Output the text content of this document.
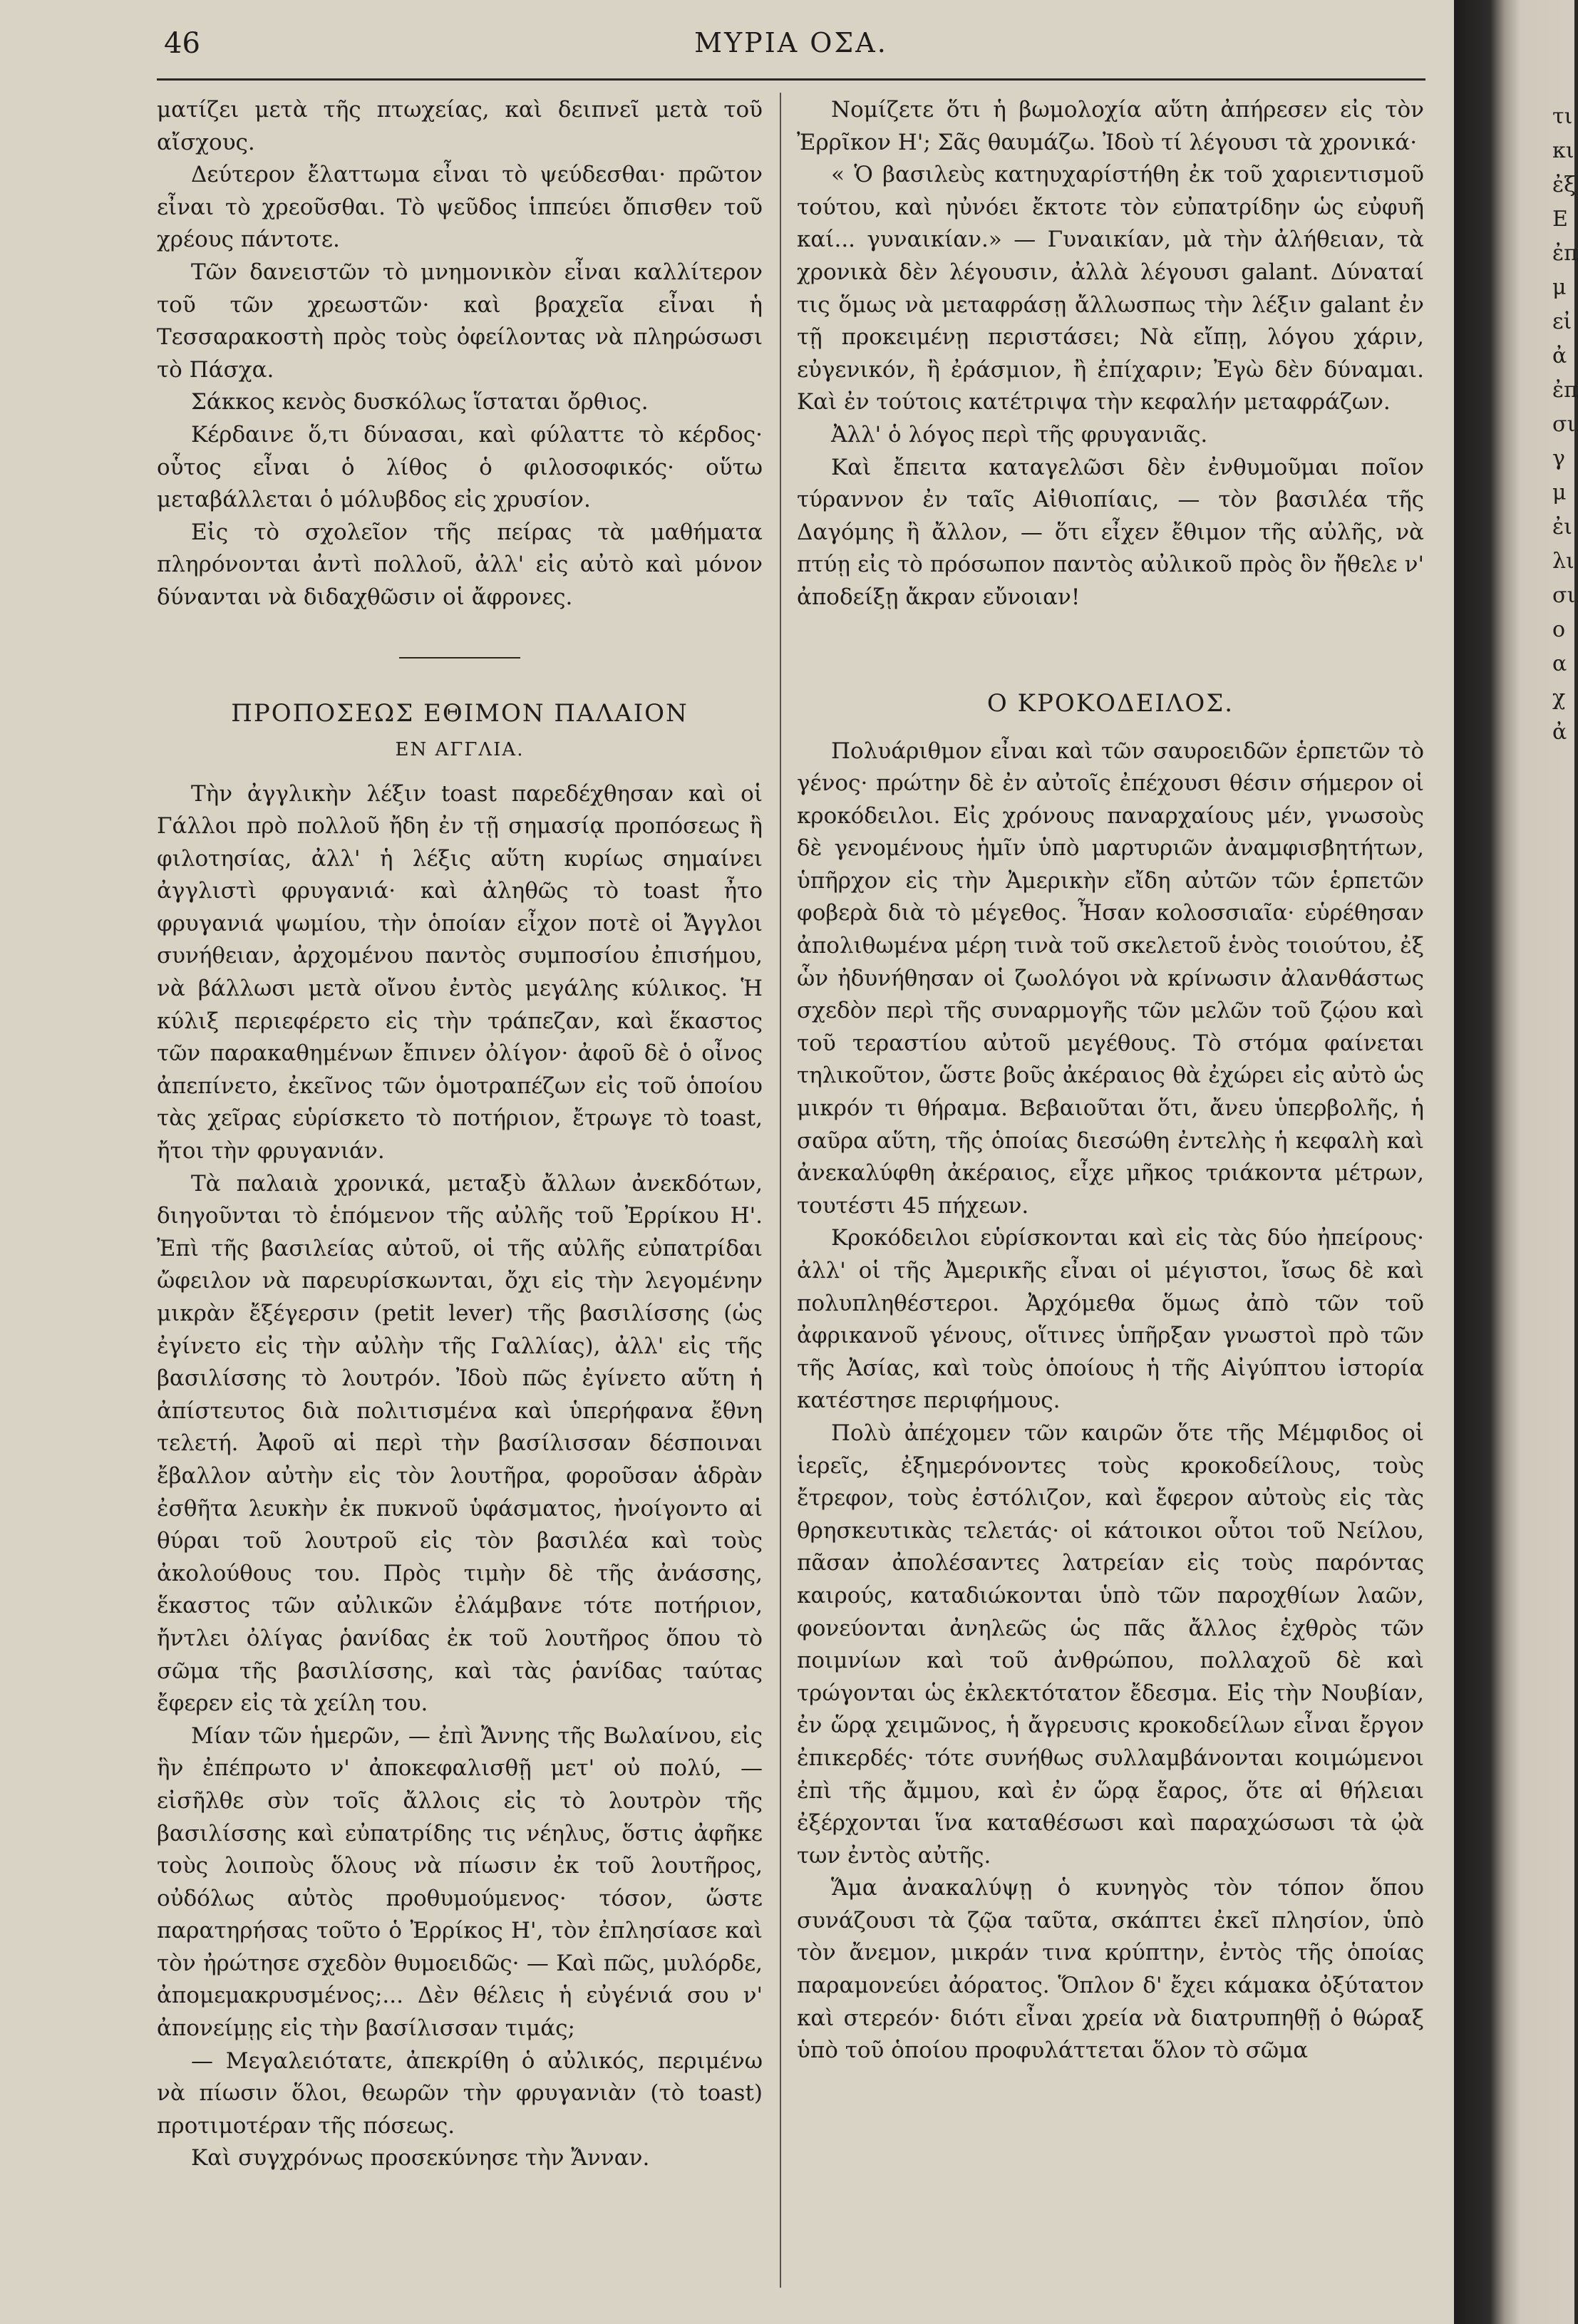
46	ΜΥΡΙΑ ΟΣΑ.

ματίζει μετὰ τῆς πτωχείας, καὶ δειπνεῖ μετὰ τοῦ αἴσχους.

Δεύτερον ἔλαττωμα εἶναι τὸ ψεύδεσθαι· πρῶτον εἶναι τὸ χρεοῦσθαι. Τὸ ψεῦδος ἱππεύει ὄπισθεν τοῦ χρέους πάντοτε.

Τῶν δανειστῶν τὸ μνημονικὸν εἶναι καλλίτερον τοῦ τῶν χρεωστῶν· καὶ βραχεῖα εἶναι ἡ Τεσσαρακοστὴ πρὸς τοὺς ὀφείλοντας νὰ πληρώσωσι τὸ Πάσχα.

Σάκκος κενὸς δυσκόλως ἵσταται ὄρθιος.

Κέρδαινε ὅ,τι δύνασαι, καὶ φύλαττε τὸ κέρδος· οὗτος εἶναι ὁ λίθος ὁ φιλοσοφικός· οὕτω μεταβάλλεται ὁ μόλυβδος εἰς χρυσίον.

Εἰς τὸ σχολεῖον τῆς πείρας τὰ μαθήματα πληρόνονται ἀντὶ πολλοῦ, ἀλλ' εἰς αὐτὸ καὶ μόνον δύνανται νὰ διδαχθῶσιν οἱ ἄφρονες.

ΠΡΟΠΟΣΕΩΣ ΕΘΙΜΟΝ ΠΑΛΑΙΟΝ
ΕΝ ΑΓΓΛΙΑ.

Τὴν ἀγγλικὴν λέξιν toast παρεδέχθησαν καὶ οἱ Γάλλοι πρὸ πολλοῦ ἤδη ἐν τῇ σημασίᾳ προπόσεως ἢ φιλοτησίας, ἀλλ' ἡ λέξις αὕτη κυρίως σημαίνει ἀγγλιστὶ φρυγανιά· καὶ ἀληθῶς τὸ toast ἦτο φρυγανιά ψωμίου, τὴν ὁποίαν εἶχον ποτὲ οἱ Ἄγγλοι συνήθειαν, ἀρχομένου παντὸς συμποσίου ἐπισήμου, νὰ βάλλωσι μετὰ οἴνου ἐντὸς μεγάλης κύλικος. Ἡ κύλιξ περιεφέρετο εἰς τὴν τράπεζαν, καὶ ἕκαστος τῶν παρακαθημένων ἔπινεν ὀλίγον· ἀφοῦ δὲ ὁ οἶνος ἀπεπίνετο, ἐκεῖνος τῶν ὁμοτραπέζων εἰς τοῦ ὁποίου τὰς χεῖρας εὑρίσκετο τὸ ποτήριον, ἔτρωγε τὸ toast, ἤτοι τὴν φρυγανιάν.

Τὰ παλαιὰ χρονικά, μεταξὺ ἄλλων ἀνεκδότων, διηγοῦνται τὸ ἑπόμενον τῆς αὐλῆς τοῦ Ἐρρίκου Η'. Ἐπὶ τῆς βασιλείας αὐτοῦ, οἱ τῆς αὐλῆς εὐπατρίδαι ὤφειλον νὰ παρευρίσκωνται, ὄχι εἰς τὴν λεγομένην μικρὰν ἔξέγερσιν (petit lever) τῆς βασιλίσσης (ὡς ἐγίνετο εἰς τὴν αὐλὴν τῆς Γαλλίας), ἀλλ' εἰς τῆς βασιλίσσης τὸ λουτρόν. Ἰδοὺ πῶς ἐγίνετο αὕτη ἡ ἀπίστευτος διὰ πολιτισμένα καὶ ὑπερήφανα ἔθνη τελετή. Ἀφοῦ αἱ περὶ τὴν βασίλισσαν δέσποιναι ἔβαλλον αὐτὴν εἰς τὸν λουτῆρα, φοροῦσαν ἁδρὰν ἐσθῆτα λευκὴν ἐκ πυκνοῦ ὑφάσματος, ἠνοίγοντο αἱ θύραι τοῦ λουτροῦ εἰς τὸν βασιλέα καὶ τοὺς ἀκολούθους του. Πρὸς τιμὴν δὲ τῆς ἀνάσσης, ἕκαστος τῶν αὐλικῶν ἐλάμβανε τότε ποτήριον, ἤντλει ὀλίγας ῥανίδας ἐκ τοῦ λουτῆρος ὅπου τὸ σῶμα τῆς βασιλίσσης, καὶ τὰς ῥανίδας ταύτας ἔφερεν εἰς τὰ χείλη του.

Μίαν τῶν ἡμερῶν, — ἐπὶ Ἄννης τῆς Βωλαίνου, εἰς ἣν ἐπέπρωτο ν' ἀποκεφαλισθῇ μετ' οὐ πολύ, — εἰσῆλθε σὺν τοῖς ἄλλοις εἰς τὸ λουτρὸν τῆς βασιλίσσης καὶ εὐπατρίδης τις νέηλυς, ὅστις ἀφῆκε τοὺς λοιποὺς ὅλους νὰ πίωσιν ἐκ τοῦ λουτῆρος, οὐδόλως αὐτὸς προθυμούμενος· τόσον, ὥστε παρατηρήσας τοῦτο ὁ Ἐρρίκος Η', τὸν ἐπλησίασε καὶ τὸν ἠρώτησε σχεδὸν θυμοειδῶς· — Καὶ πῶς, μυλόρδε, ἀπομεμακρυσμένος;... Δὲν θέλεις ἡ εὐγένιά σου ν' ἀπονείμῃς εἰς τὴν βασίλισσαν τιμάς;

— Μεγαλειότατε, ἀπεκρίθη ὁ αὐλικός, περιμένω νὰ πίωσιν ὅλοι, θεωρῶν τὴν φρυγανιὰν (τὸ toast) προτιμοτέραν τῆς πόσεως.

Καὶ συγχρόνως προσεκύνησε τὴν Ἄνναν.

Νομίζετε ὅτι ἡ βωμολοχία αὕτη ἀπήρεσεν εἰς τὸν Ἐρρῖκον Η'; Σᾶς θαυμάζω. Ἰδοὺ τί λέγουσι τὰ χρονικά·

« Ὁ βασιλεὺς κατηυχαρίστήθη ἐκ τοῦ χαριεντισμοῦ τούτου, καὶ ηὐνόει ἔκτοτε τὸν εὐπατρίδην ὡς εὐφυῆ καί... γυναικίαν.» — Γυναικίαν, μὰ τὴν ἀλήθειαν, τὰ χρονικὰ δὲν λέγουσιν, ἀλλὰ λέγουσι galant. Δύναταί τις ὅμως νὰ μεταφράσῃ ἄλλωσπως τὴν λέξιν galant ἐν τῇ προκειμένῃ περιστάσει; Νὰ εἴπῃ, λόγου χάριν, εὐγενικόν, ἢ ἐράσμιον, ἢ ἐπίχαριν; Ἐγὼ δὲν δύναμαι. Καὶ ἐν τούτοις κατέτριψα τὴν κεφαλήν μεταφράζων.

Ἀλλ' ὁ λόγος περὶ τῆς φρυγανιᾶς.

Καὶ ἔπειτα καταγελῶσι δὲν ἐνθυμοῦμαι ποῖον τύραννον ἐν ταῖς Αἰθιοπίαις, — τὸν βασιλέα τῆς Δαγόμης ἢ ἄλλον, — ὅτι εἶχεν ἔθιμον τῆς αὐλῆς, νὰ πτύῃ εἰς τὸ πρόσωπον παντὸς αὐλικοῦ πρὸς ὃν ἤθελε ν' ἀποδείξῃ ἄκραν εὔνοιαν!

Ο ΚΡΟΚΟΔΕΙΛΟΣ.

Πολυάριθμον εἶναι καὶ τῶν σαυροειδῶν ἑρπετῶν τὸ γένος· πρώτην δὲ ἐν αὐτοῖς ἐπέχουσι θέσιν σήμερον οἱ κροκόδειλοι. Εἰς χρόνους παναρχαίους μέν, γνωσοὺς δὲ γενομένους ἡμῖν ὑπὸ μαρτυριῶν ἀναμφισβητήτων, ὑπῆρχον εἰς τὴν Ἀμερικὴν εἴδη αὐτῶν τῶν ἑρπετῶν φοβερὰ διὰ τὸ μέγεθος. Ἦσαν κολοσσιαῖα· εὑρέθησαν ἀπολιθωμένα μέρη τινὰ τοῦ σκελετοῦ ἑνὸς τοιούτου, ἐξ ὧν ἠδυνήθησαν οἱ ζωολόγοι νὰ κρίνωσιν ἀλανθάστως σχεδὸν περὶ τῆς συναρμογῆς τῶν μελῶν τοῦ ζῴου καὶ τοῦ τεραστίου αὐτοῦ μεγέθους. Τὸ στόμα φαίνεται τηλικοῦτον, ὥστε βοῦς ἀκέραιος θὰ ἐχώρει εἰς αὐτὸ ὡς μικρόν τι θήραμα. Βεβαιοῦται ὅτι, ἄνευ ὑπερβολῆς, ἡ σαῦρα αὕτη, τῆς ὁποίας διεσώθη ἐντελὴς ἡ κεφαλὴ καὶ ἀνεκαλύφθη ἀκέραιος, εἶχε μῆκος τριάκοντα μέτρων, τουτέστι 45 πήχεων.

Κροκόδειλοι εὑρίσκονται καὶ εἰς τὰς δύο ἠπείρους· ἀλλ' οἱ τῆς Ἀμερικῆς εἶναι οἱ μέγιστοι, ἴσως δὲ καὶ πολυπληθέστεροι. Ἀρχόμεθα ὅμως ἀπὸ τῶν τοῦ ἀφρικανοῦ γένους, οἵτινες ὑπῆρξαν γνωστοὶ πρὸ τῶν τῆς Ἀσίας, καὶ τοὺς ὁποίους ἡ τῆς Αἰγύπτου ἱστορία κατέστησε περιφήμους.

Πολὺ ἀπέχομεν τῶν καιρῶν ὅτε τῆς Μέμφιδος οἱ ἱερεῖς, ἐξημερόνοντες τοὺς κροκοδείλους, τοὺς ἔτρεφον, τοὺς ἐστόλιζον, καὶ ἔφερον αὐτοὺς εἰς τὰς θρησκευτικὰς τελετάς· οἱ κάτοικοι οὗτοι τοῦ Νείλου, πᾶσαν ἀπολέσαντες λατρείαν εἰς τοὺς παρόντας καιρούς, καταδιώκονται ὑπὸ τῶν παροχθίων λαῶν, φονεύονται ἀνηλεῶς ὡς πᾶς ἄλλος ἐχθρὸς τῶν ποιμνίων καὶ τοῦ ἀνθρώπου, πολλαχοῦ δὲ καὶ τρώγονται ὡς ἐκλεκτότατον ἔδεσμα. Εἰς τὴν Νουβίαν, ἐν ὥρᾳ χειμῶνος, ἡ ἄγρευσις κροκοδείλων εἶναι ἔργον ἐπικερδές· τότε συνήθως συλλαμβάνονται κοιμώμενοι ἐπὶ τῆς ἄμμου, καὶ ἐν ὥρᾳ ἔαρος, ὅτε αἱ θήλειαι ἐξέρχονται ἵνα καταθέσωσι καὶ παραχώσωσι τὰ ᾠὰ των ἐντὸς αὐτῆς.

Ἅμα ἀνακαλύψῃ ὁ κυνηγὸς τὸν τόπον ὅπου συνάζουσι τὰ ζῷα ταῦτα, σκάπτει ἐκεῖ πλησίον, ὑπὸ τὸν ἄνεμον, μικράν τινα κρύπτην, ἐντὸς τῆς ὁποίας παραμονεύει ἀόρατος. Ὅπλον δ' ἔχει κάμακα ὀξύτατον καὶ στερεόν· διότι εἶναι χρεία νὰ διατρυπηθῇ ὁ θώραξ ὑπὸ τοῦ ὁποίου προφυλάττεται ὅλον τὸ σῶμα

τι
κι
ἐξ
Ε
ἐπ
μ
εἰ
ἀ
ἐπ
σι
γ
μ
ἐι
λι
σι
ο
α
χ
ἀ
